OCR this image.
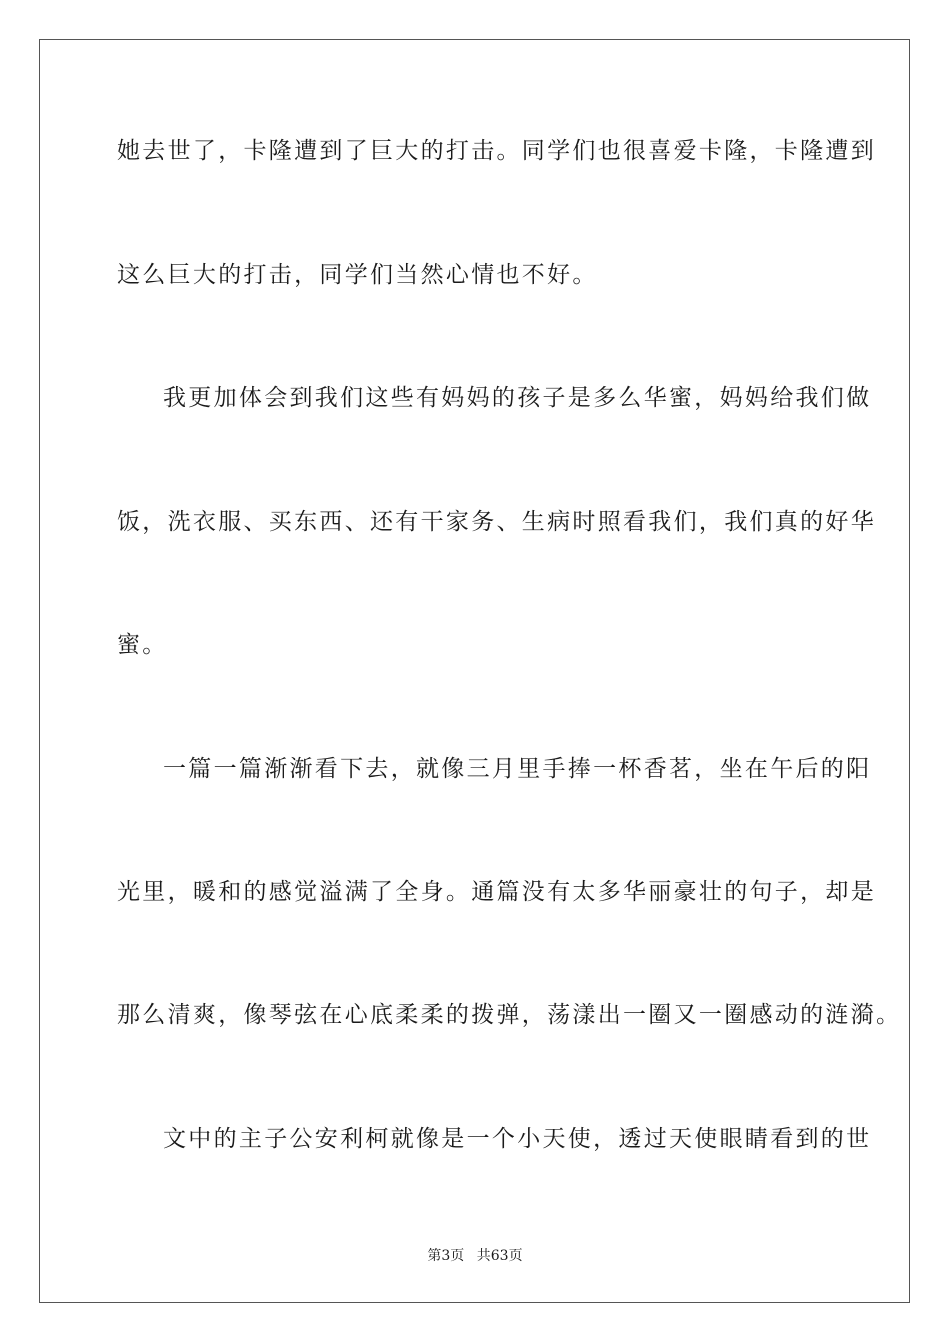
她去世了，卡隆遭到了巨大的打击。同学们也很喜爱卡隆，卡隆遭到
这么巨大的打击，同学们当然心情也不好。
我更加体会到我们这些有妈妈的孩子是多么华蜜，妈妈给我们做
饭，洗衣服、买东西、还有干家务、生病时照看我们，我们真的好华
蜜。
一篇一篇渐渐看下去，就像三月里手捧一杯香茗，坐在午后的阳
光里，暖和的感觉溢满了全身。通篇没有太多华丽豪壮的句子，却是
那么清爽，像琴弦在心底柔柔的拨弹，荡漾出一圈又一圈感动的涟漪。
文中的主子公安利柯就像是一个小天使，透过天使眼睛看到的世
第3页 共63页
